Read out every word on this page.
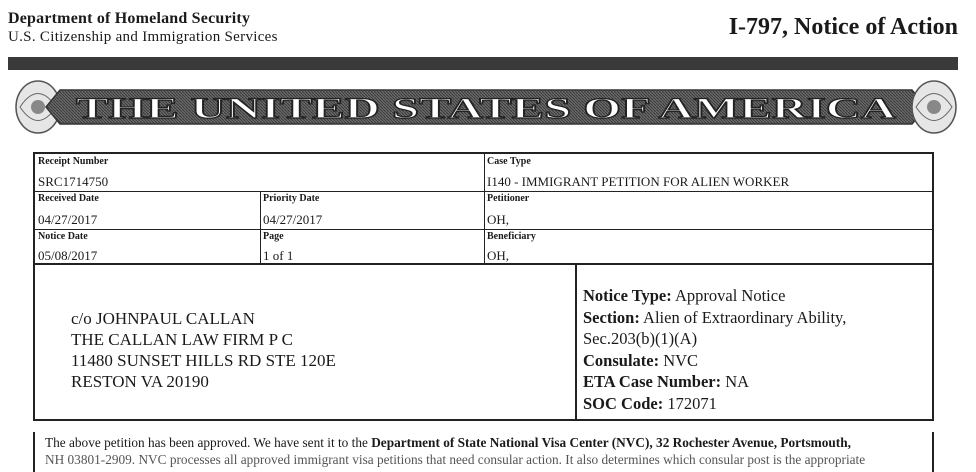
Department of Homeland Security
U.S. Citizenship and Immigration Services	I-797, Notice of Action
THE UNITED STATES OF AMERICA
Receipt Number
SRC1714750
Case Type
I140 - IMMIGRANT PETITION FOR ALIEN WORKER
Received Date
04/27/2017
Priority Date
04/27/2017
Petitioner
OH,
Notice Date
05/08/2017
Page
1 of 1
Beneficiary
OH,
c/o JOHNPAUL CALLAN
THE CALLAN LAW FIRM P C
11480 SUNSET HILLS RD STE 120E
RESTON VA 20190
Notice Type: Approval Notice
Section: Alien of Extraordinary Ability,
Sec.203(b)(1)(A)
Consulate: NVC
ETA Case Number: NA
SOC Code: 172071
The above petition has been approved. We have sent it to the Department of State National Visa Center (NVC), 32 Rochester Avenue, Portsmouth,
NH 03801-2909. NVC processes all approved immigrant visa petitions that need consular action. It also determines which consular post is the appropriate
